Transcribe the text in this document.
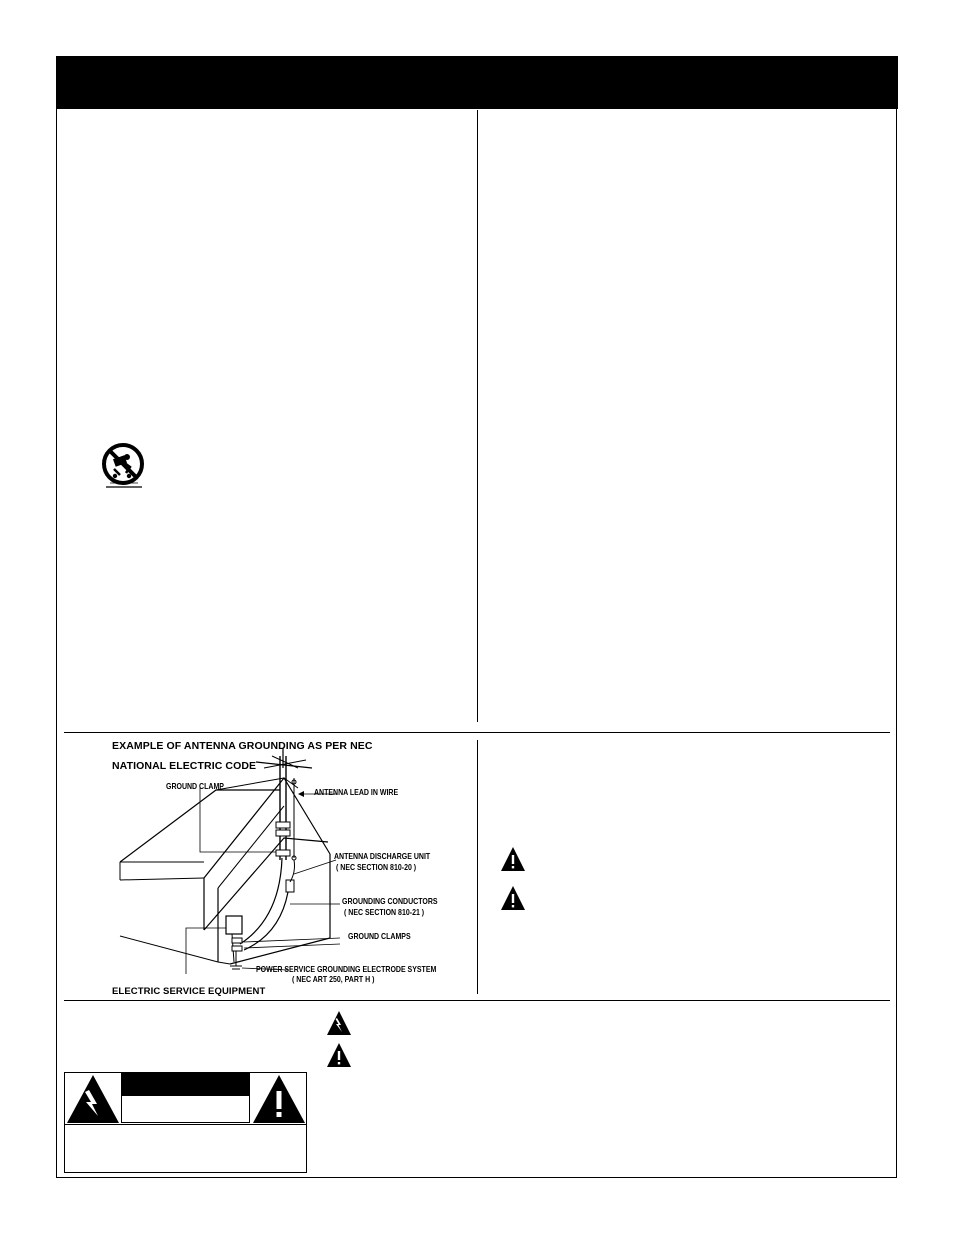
EXAMPLE OF ANTENNA GROUNDING AS PER NEC
NATIONAL ELECTRIC CODE
GROUND CLAMP
ANTENNA LEAD IN WIRE
ANTENNA DISCHARGE UNIT
( NEC SECTION 810-20 )
GROUNDING CONDUCTORS
( NEC SECTION 810-21 )
GROUND CLAMPS
POWER SERVICE GROUNDING ELECTRODE SYSTEM
( NEC ART 250, PART H )
ELECTRIC SERVICE EQUIPMENT
